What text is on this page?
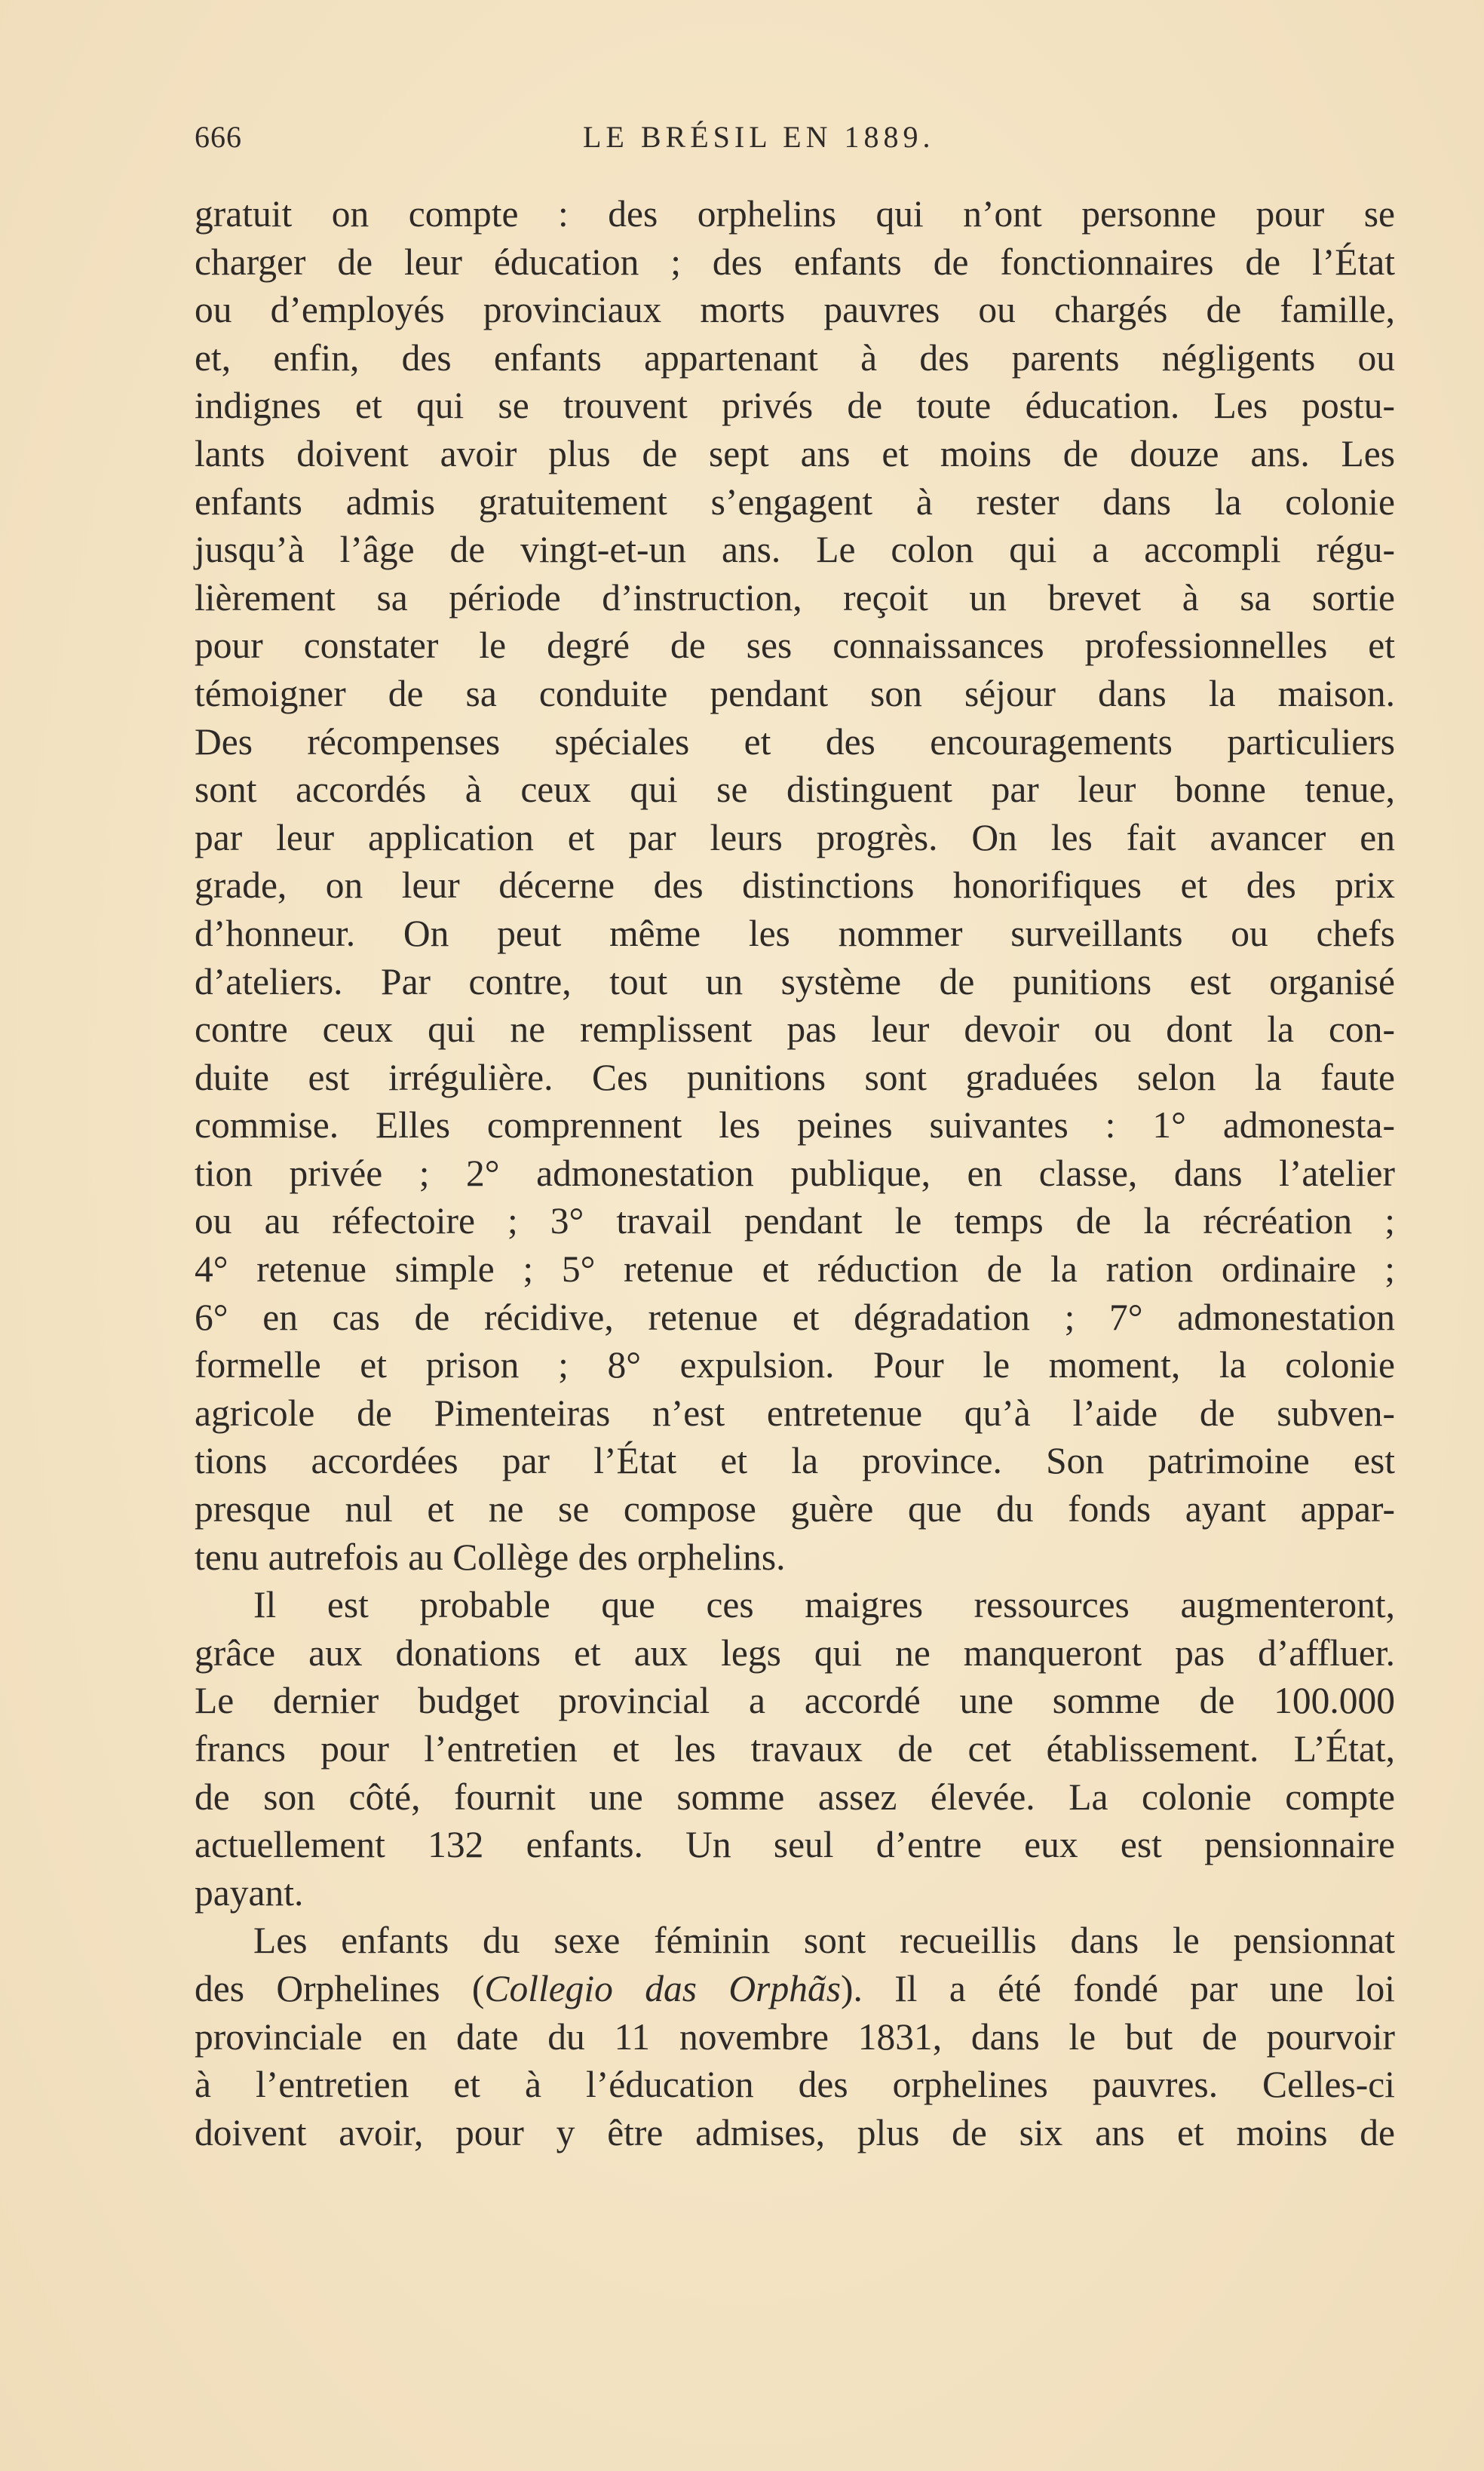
666	LE BRÉSIL EN 1889.
gratuit on compte : des orphelins qui n’ont personne pour se
charger de leur éducation ; des enfants de fonctionnaires de l’État
ou d’employés provinciaux morts pauvres ou chargés de famille,
et, enfin, des enfants appartenant à des parents négligents ou
indignes et qui se trouvent privés de toute éducation. Les postu-
lants doivent avoir plus de sept ans et moins de douze ans. Les
enfants admis gratuitement s’engagent à rester dans la colonie
jusqu’à l’âge de vingt-et-un ans. Le colon qui a accompli régu-
lièrement sa période d’instruction, reçoit un brevet à sa sortie
pour constater le degré de ses connaissances professionnelles et
témoigner de sa conduite pendant son séjour dans la maison.
Des récompenses spéciales et des encouragements particuliers
sont accordés à ceux qui se distinguent par leur bonne tenue,
par leur application et par leurs progrès. On les fait avancer en
grade, on leur décerne des distinctions honorifiques et des prix
d’honneur. On peut même les nommer surveillants ou chefs
d’ateliers. Par contre, tout un système de punitions est organisé
contre ceux qui ne remplissent pas leur devoir ou dont la con-
duite est irrégulière. Ces punitions sont graduées selon la faute
commise. Elles comprennent les peines suivantes : 1° admonesta-
tion privée ; 2° admonestation publique, en classe, dans l’atelier
ou au réfectoire ; 3° travail pendant le temps de la récréation ;
4° retenue simple ; 5° retenue et réduction de la ration ordinaire ;
6° en cas de récidive, retenue et dégradation ; 7° admonestation
formelle et prison ; 8° expulsion. Pour le moment, la colonie
agricole de Pimenteiras n’est entretenue qu’à l’aide de subven-
tions accordées par l’État et la province. Son patrimoine est
presque nul et ne se compose guère que du fonds ayant appar-
tenu autrefois au Collège des orphelins.
Il est probable que ces maigres ressources augmenteront,
grâce aux donations et aux legs qui ne manqueront pas d’affluer.
Le dernier budget provincial a accordé une somme de 100.000
francs pour l’entretien et les travaux de cet établissement. L’État,
de son côté, fournit une somme assez élevée. La colonie compte
actuellement 132 enfants. Un seul d’entre eux est pensionnaire
payant.
Les enfants du sexe féminin sont recueillis dans le pensionnat
des Orphelines (Collegio das Orphãs). Il a été fondé par une loi
provinciale en date du 11 novembre 1831, dans le but de pourvoir
à l’entretien et à l’éducation des orphelines pauvres. Celles-ci
doivent avoir, pour y être admises, plus de six ans et moins de
